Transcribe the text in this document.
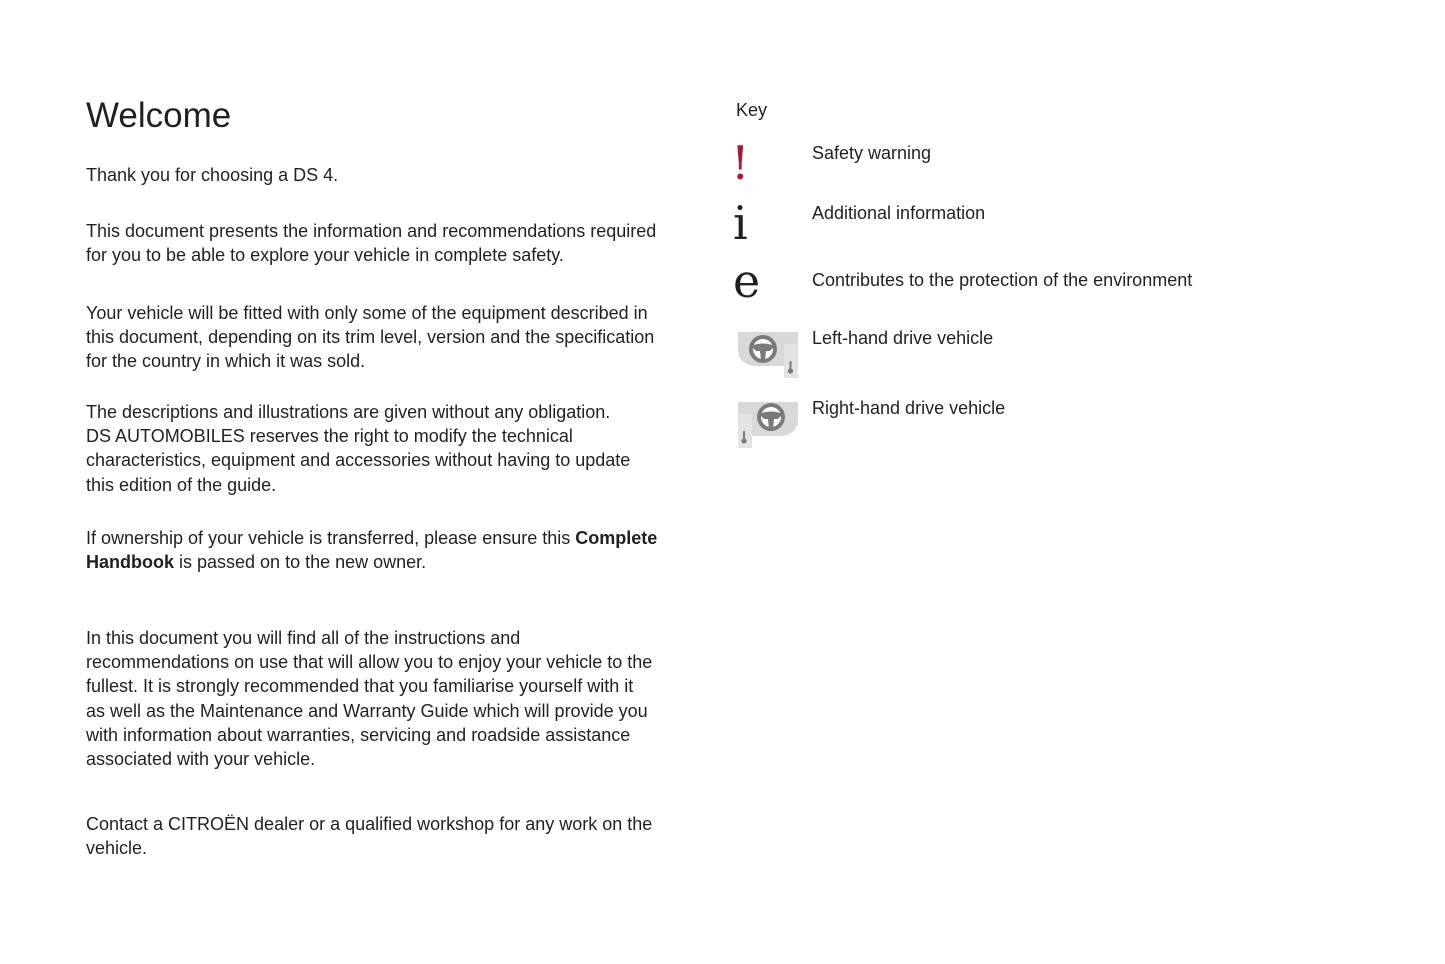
Welcome

Thank you for choosing a DS 4.

This document presents the information and recommendations required
for you to be able to explore your vehicle in complete safety.

Your vehicle will be fitted with only some of the equipment described in
this document, depending on its trim level, version and the specification
for the country in which it was sold.

The descriptions and illustrations are given without any obligation.
DS AUTOMOBILES reserves the right to modify the technical
characteristics, equipment and accessories without having to update
this edition of the guide.

If ownership of your vehicle is transferred, please ensure this Complete
Handbook is passed on to the new owner.

In this document you will find all of the instructions and
recommendations on use that will allow you to enjoy your vehicle to the
fullest. It is strongly recommended that you familiarise yourself with it
as well as the Maintenance and Warranty Guide which will provide you
with information about warranties, servicing and roadside assistance
associated with your vehicle.

Contact a CITROËN dealer or a qualified workshop for any work on the
vehicle.

Key
!	Safety warning
i	Additional information
e	Contributes to the protection of the environment
Left-hand drive vehicle
Right-hand drive vehicle
